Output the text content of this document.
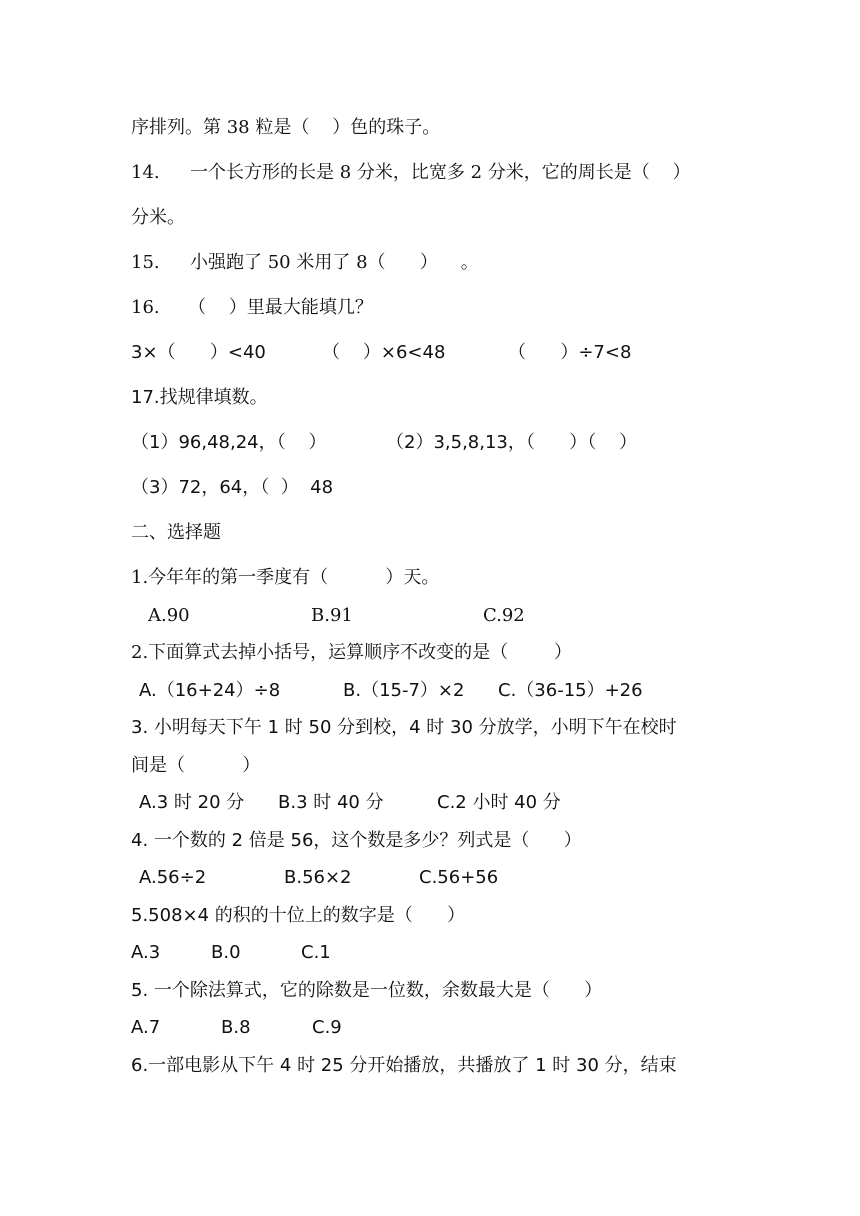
序排列。第 38 粒是（    ）色的珠子。
14. 一个长方形的长是 8 分米，比宽多 2 分米，它的周长是（    ）
分米。
15. 小强跑了 50 米用了 8（      ）    。
16. （    ）里最大能填几？
3×（      ）<40	（    ）×6<48	（      ）÷7<8
17.找规律填数。
（1）96,48,24，（    ）	（2）3,5,8,13，（      ）（    ）
（3）72，64，（  ）  48
二、选择题
1.今年年的第一季度有（          ）天。
A.90	B.91	C.92
2.下面算式去掉小括号，运算顺序不改变的是（        ）
A.（16+24）÷8	B.（15-7）×2 C.（36-15）+26
3. 小明每天下午 1 时 50 分到校，4 时 30 分放学，小明下午在校时
间是（          ）
A.3 时 20 分 B.3 时 40 分	C.2 小时 40 分
4. 一个数的 2 倍是 56，这个数是多少？列式是（      ）
A.56÷2	B.56×2	C.56+56
5.508×4 的积的十位上的数字是（      ）
A.3	B.0	C.1
5. 一个除法算式，它的除数是一位数，余数最大是（      ）
A.7	B.8	C.9
6.一部电影从下午 4 时 25 分开始播放，共播放了 1 时 30 分，结束
